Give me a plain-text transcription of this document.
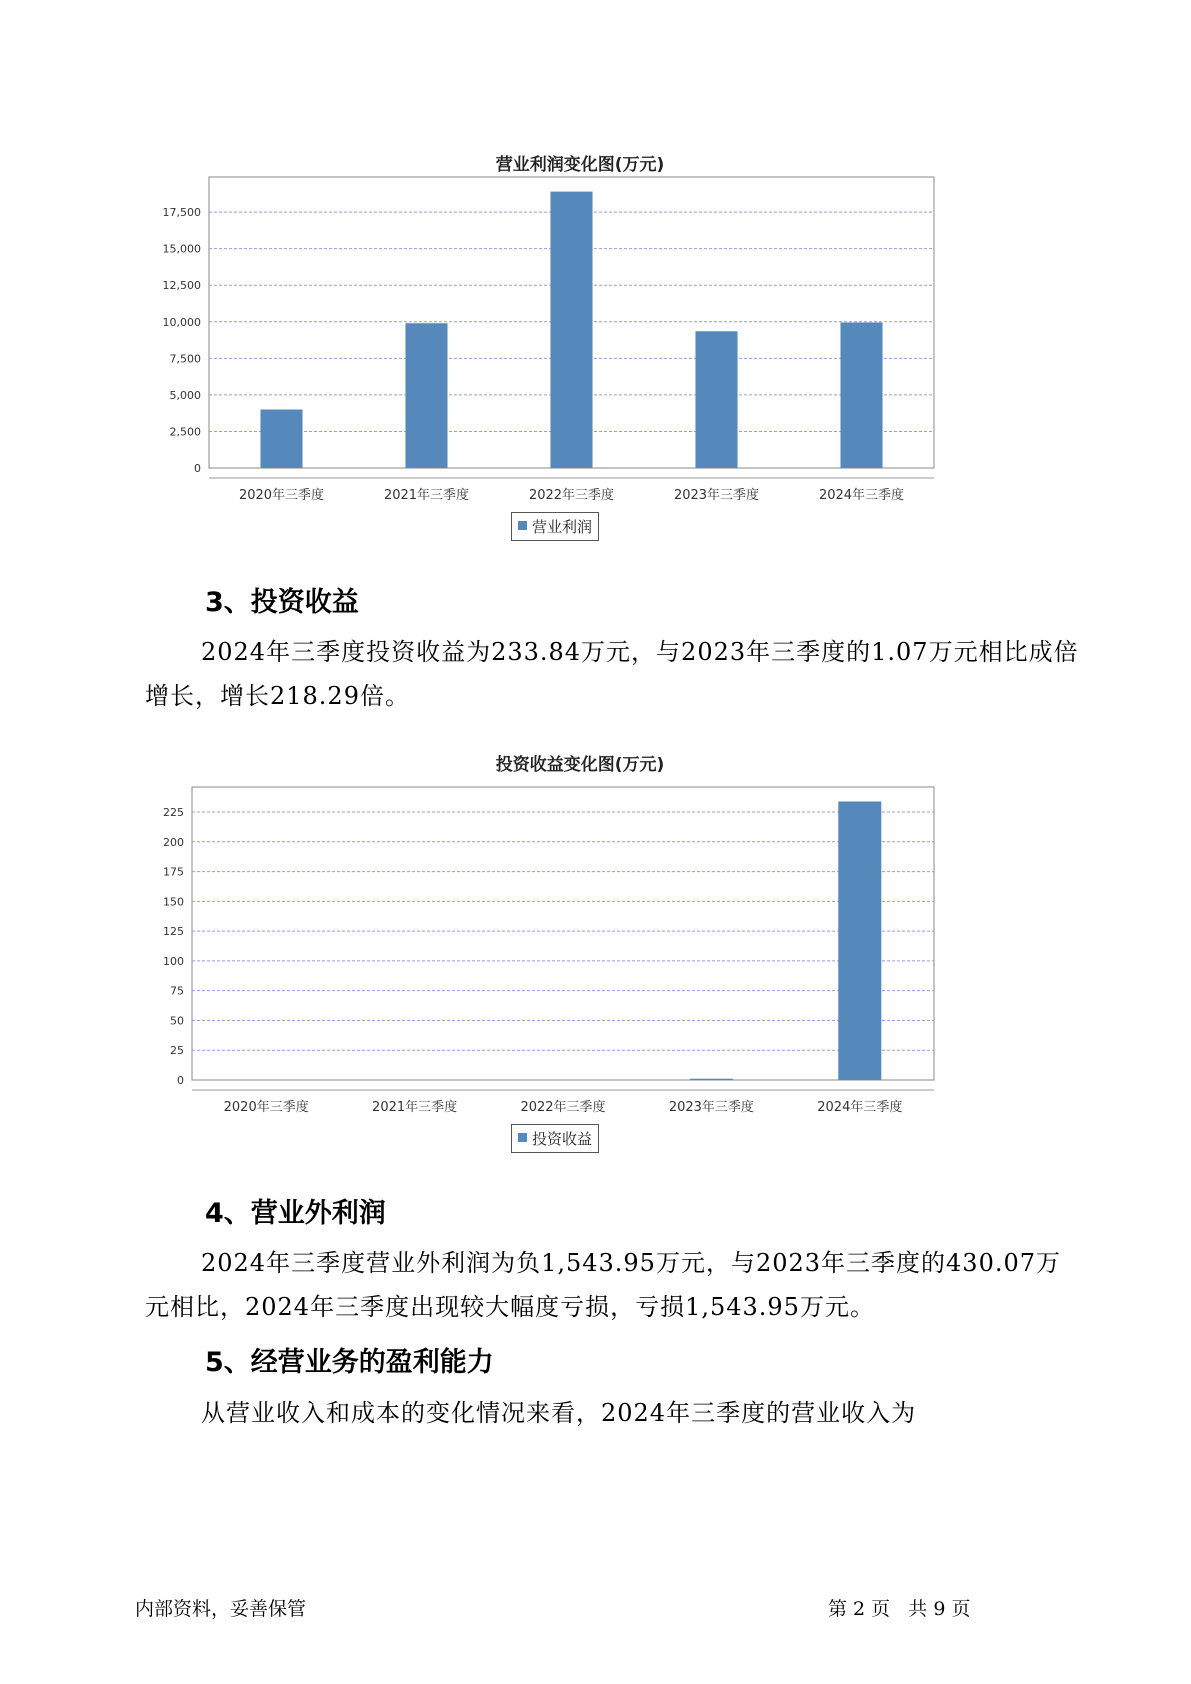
营业利润变化图(万元)
0
2,500
5,000
7,500
10,000
12,500
15,000
17,500
2020年三季度	2021年三季度	2022年三季度	2023年三季度	2024年三季度
营业利润
3、投资收益

2024年三季度投资收益为233.84万元，与2023年三季度的1.07万元相比成倍增长，增长218.29倍。

投资收益变化图(万元)
0
25
50
75
100
125
150
175
200
225
2020年三季度	2021年三季度	2022年三季度	2023年三季度	2024年三季度
投资收益
4、营业外利润

2024年三季度营业外利润为负1,543.95万元，与2023年三季度的430.07万元相比，2024年三季度出现较大幅度亏损，亏损1,543.95万元。

5、经营业务的盈利能力

从营业收入和成本的变化情况来看，2024年三季度的营业收入为

内部资料，妥善保管	第 2 页   共 9 页
